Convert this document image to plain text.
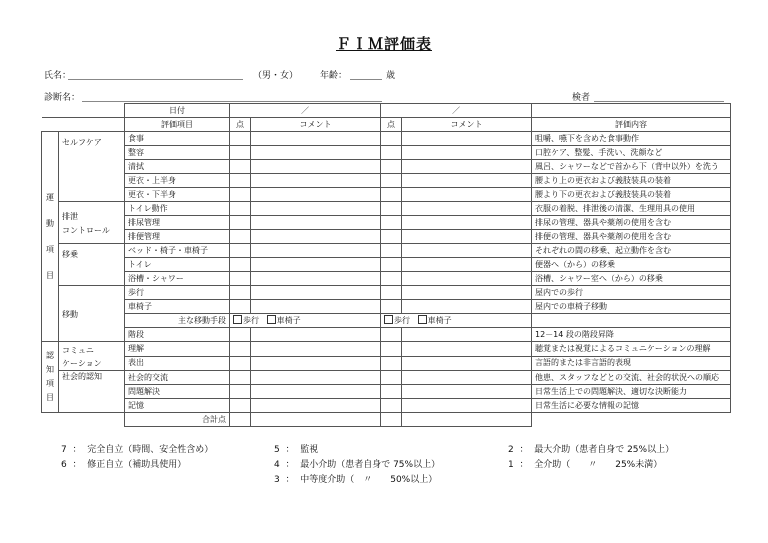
ＦＩＭ評価表
氏名：	（男・女） 年齢：	歳
診断名：	検者
		日付	／		／		
		評価項目	点	コメント	点	コメント	評価内容
運
動
項
目	セルフケア	食事					咀嚼、嚥下を含めた食事動作
		整容					口腔ケア、整髪、手洗い、洗顔など
		清拭					風呂、シャワーなどで首から下（背中以外）を洗う
		更衣・上半身					腰より上の更衣および義肢装具の装着
		更衣・下半身					腰より下の更衣および義肢装具の装着
	排泄
コントロール	トイレ動作					衣服の着脱、排泄後の清潔、生理用具の使用
		排尿管理					排尿の管理、器具や薬剤の使用を含む
		排便管理					排便の管理、器具や薬剤の使用を含む
	移乗	ベッド・椅子・車椅子					それぞれの間の移乗、起立動作を含む
		トイレ					便器へ（から）の移乗
		浴槽・シャワー					浴槽、シャワー室へ（から）の移乗
	移動	歩行					屋内での歩行
		車椅子					屋内での車椅子移動
		主な移動手段	歩行 車椅子		歩行 車椅子		
		階段					12－14 段の階段昇降
認
知
項
目	コミュニ
ケーション	理解					聴覚または視覚によるコミュニケーションの理解
		表出					言語的または非言語的表現
	社会的認知	社会的交流					他患、スタッフなどとの交流、社会的状況への順応
		問題解決					日常生活上での問題解決、適切な決断能力
		記憶					日常生活に必要な情報の記憶
		合計点					
7 ： 完全自立（時間、安全性含め）
6 ： 修正自立（補助具使用）
5 ： 監視
4 ： 最小介助（患者自身で 75%以上）
3 ： 中等度介助（　〃　　50%以上）
2 ： 最大介助（患者自身で 25%以上）
1 ： 全介助（　　〃　　25%未満）
